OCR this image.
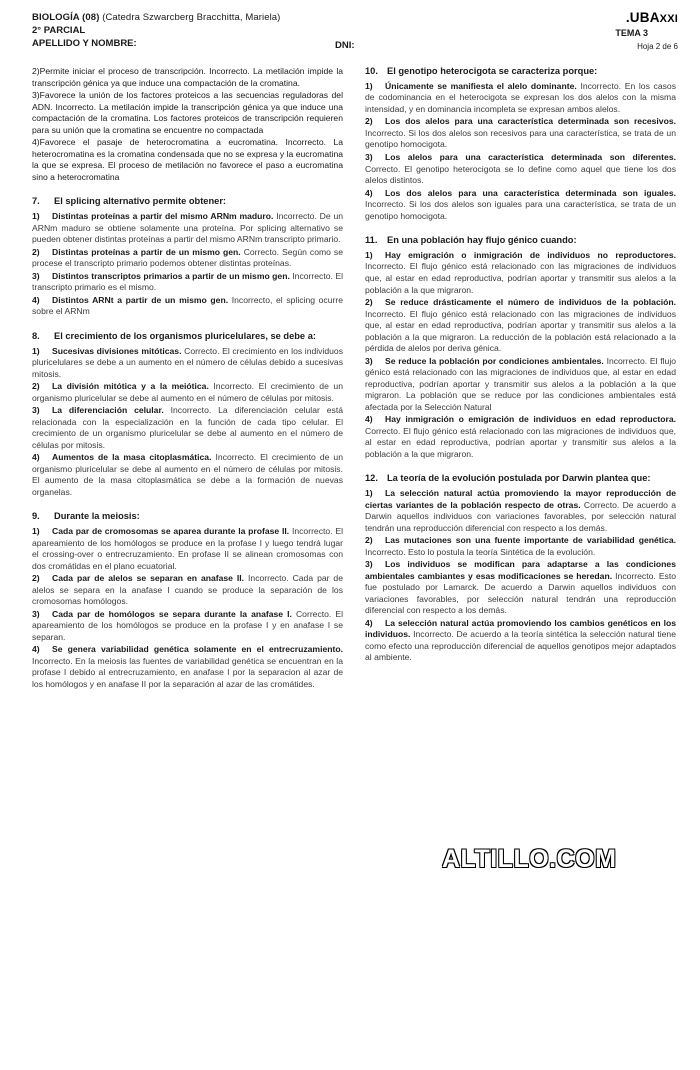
BIOLOGÍA (08) (Catedra Szwarcberg Bracchitta, Mariela)
2° PARCIAL
APELLIDO Y NOMBRE:	DNI:
.UBAXXI
TEMA 3
Hoja 2 de 6
2)Permite iniciar el proceso de transcripción. Incorrecto. La metilación impide la transcripción génica ya que induce una compactación de la cromatina.
3)Favorece la unión de los factores proteicos a las secuencias reguladoras del ADN. Incorrecto. La metilación impide la transcripción génica ya que induce una compactación de la cromatina. Los factores proteicos de transcripción requieren para su unión que la cromatina se encuentre no compactada
4)Favorece el pasaje de heterocromatina a eucromatina. Incorrecto. La heterocromatina es la cromatina condensada que no se expresa y la eucromatina la que se expresa. El proceso de metilación no favorece el paso a eucromatina sino a heterocromatina
7. El splicing alternativo permite obtener:
1) Distintas proteínas a partir del mismo ARNm maduro. Incorrecto. De un ARNm maduro se obtiene solamente una proteína. Por splicing alternativo se pueden obtener distintas proteínas a partir del mismo ARNm transcripto primario.
2) Distintas proteínas a partir de un mismo gen. Correcto. Según como se procese el transcripto primario podemos obtener distintas proteínas.
3) Distintos transcriptos primarios a partir de un mismo gen. Incorrecto. El transcripto primario es el mismo.
4) Distintos ARNt a partir de un mismo gen. Incorrecto, el splicing ocurre sobre el ARNm
8. El crecimiento de los organismos pluricelulares, se debe a:
1) Sucesivas divisiones mitóticas. Correcto. El crecimiento en los individuos pluricelulares se debe a un aumento en el número de células debido a sucesivas mitosis.
2) La división mitótica y a la meiótica. Incorrecto. El crecimiento de un organismo pluricelular se debe al aumento en el número de células por mitosis.
3) La diferenciación celular. Incorrecto. La diferenciación celular está relacionada con la especialización en la función de cada tipo celular. El crecimiento de un organismo pluricelular se debe al aumento en el número de células por mitosis.
4) Aumentos de la masa citoplasmática. Incorrecto. El crecimiento de un organismo pluricelular se debe al aumento en el número de células por mitosis. El aumento de la masa citoplasmática se debe a la formación de nuevas organelas.
9. Durante la meiosis:
1) Cada par de cromosomas se aparea durante la profase II. Incorrecto. El apareamiento de los homólogos se produce en la profase I y luego tendrá lugar el crossing-over o entrecruzamiento. En profase II se alinean cromosomas con dos cromátidas en el plano ecuatorial.
2) Cada par de alelos se separan en anafase II. Incorrecto. Cada par de alelos se separa en la anafase I cuando se produce la separación de los cromosomas homólogos.
3) Cada par de homólogos se separa durante la anafase I. Correcto. El apareamiento de los homólogos se produce en la profase I y en anafase I se separan.
4) Se genera variabilidad genética solamente en el entrecruzamiento. Incorrecto. En la meiosis las fuentes de variabilidad genética se encuentran en la profase I debido al entrecruzamiento, en anafase I por la separacion al azar de los homólogos y en anafase II por la separación al azar de las cromátides.
10. El genotipo heterocigota se caracteriza porque:
1) Únicamente se manifiesta el alelo dominante. Incorrecto. En los casos de codominancia en el heterocigota se expresan los dos alelos con la misma intensidad, y en dominancia incompleta se expresan ambos alelos.
2) Los dos alelos para una característica determinada son recesivos. Incorrecto. Si los dos alelos son recesivos para una característica, se trata de un genotipo homocigota.
3) Los alelos para una característica determinada son diferentes. Correcto. El genotipo heterocigota se lo define como aquel que tiene los dos alelos distintos.
4) Los dos alelos para una característica determinada son iguales. Incorrecto. Si los dos alelos son iguales para una característica, se trata de un genotipo homocigota.
11. En una población hay flujo génico cuando:
1) Hay emigración o inmigración de individuos no reproductores. Incorrecto. El flujo génico está relacionado con las migraciones de individuos que, al estar en edad reproductiva, podrían aportar y transmitir sus alelos a la población a la que migraron.
2) Se reduce drásticamente el número de individuos de la población. Incorrecto. El flujo génico está relacionado con las migraciones de individuos que, al estar en edad reproductiva, podrían aportar y transmitir sus alelos a la población a la que migraron. La reducción de la población está relacionado a la pérdida de alelos por deriva génica.
3) Se reduce la población por condiciones ambientales. Incorrecto. El flujo génico está relacionado con las migraciones de individuos que, al estar en edad reproductiva, podrían aportar y transmitir sus alelos a la población a la que migraron. La población que se reduce por las condiciones ambientales está afectada por la Selección Natural
4) Hay inmigración o emigración de individuos en edad reproductora. Correcto. El flujo génico está relacionado con las migraciones de individuos que, al estar en edad reproductiva, podrían aportar y transmitir sus alelos a la población a la que migraron.
12. La teoría de la evolución postulada por Darwin plantea que:
1) La selección natural actúa promoviendo la mayor reproducción de ciertas variantes de la población respecto de otras. Correcto. De acuerdo a Darwin aquellos individuos con variaciones favorables, por selección natural tendrán una reproducción diferencial con respecto a los demás.
2) Las mutaciones son una fuente importante de variabilidad genética. Incorrecto. Esto lo postula la teoría Sintética de la evolución.
3) Los individuos se modifican para adaptarse a las condiciones ambientales cambiantes y esas modificaciones se heredan. Incorrecto. Esto fue postulado por Lamarck. De acuerdo a Darwin aquellos individuos con variaciones favorables, por selección natural tendrán una reproducción diferencial con respecto a los demás.
4) La selección natural actúa promoviendo los cambios genéticos en los individuos. Incorrecto. De acuerdo a la teoría sintética la selección natural tiene como efecto una reproducción diferencial de aquellos genotipos mejor adaptados al ambiente.
ALTILLO.COM
